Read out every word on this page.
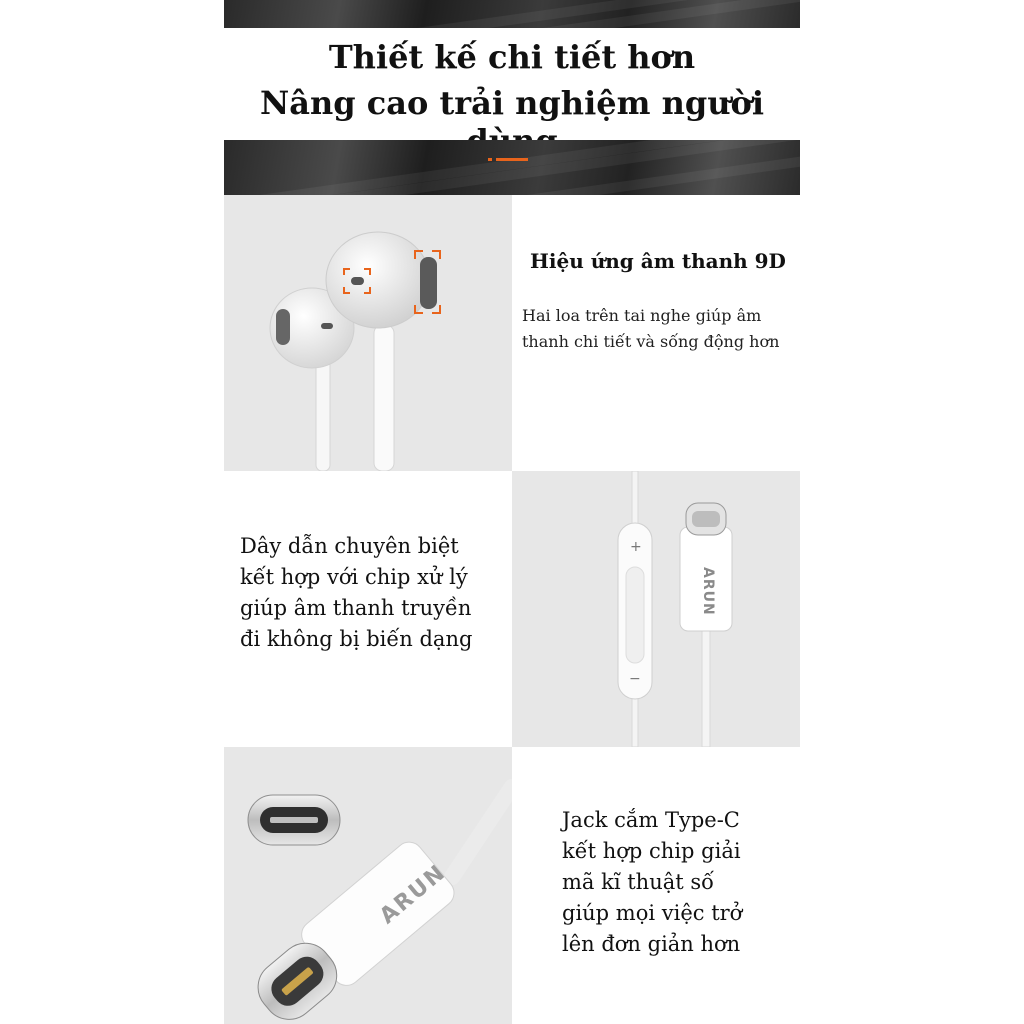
Thiết kế chi tiết hơn
Nâng cao trải nghiệm người
Hiệu ứng âm thanh 9D
Hai loa trên tai nghe giúp âm
thanh chi tiết và sống động hơn
Dây dẫn chuyên biệt
kết hợp với chip xử lý
giúp âm thanh truyền
đi không bị biến dạng
+
−
ARUN
ARUN
Jack cắm Type-C
kết hợp chip giải
mã kĩ thuật số
giúp mọi việc trở
lên đơn giản hơn
